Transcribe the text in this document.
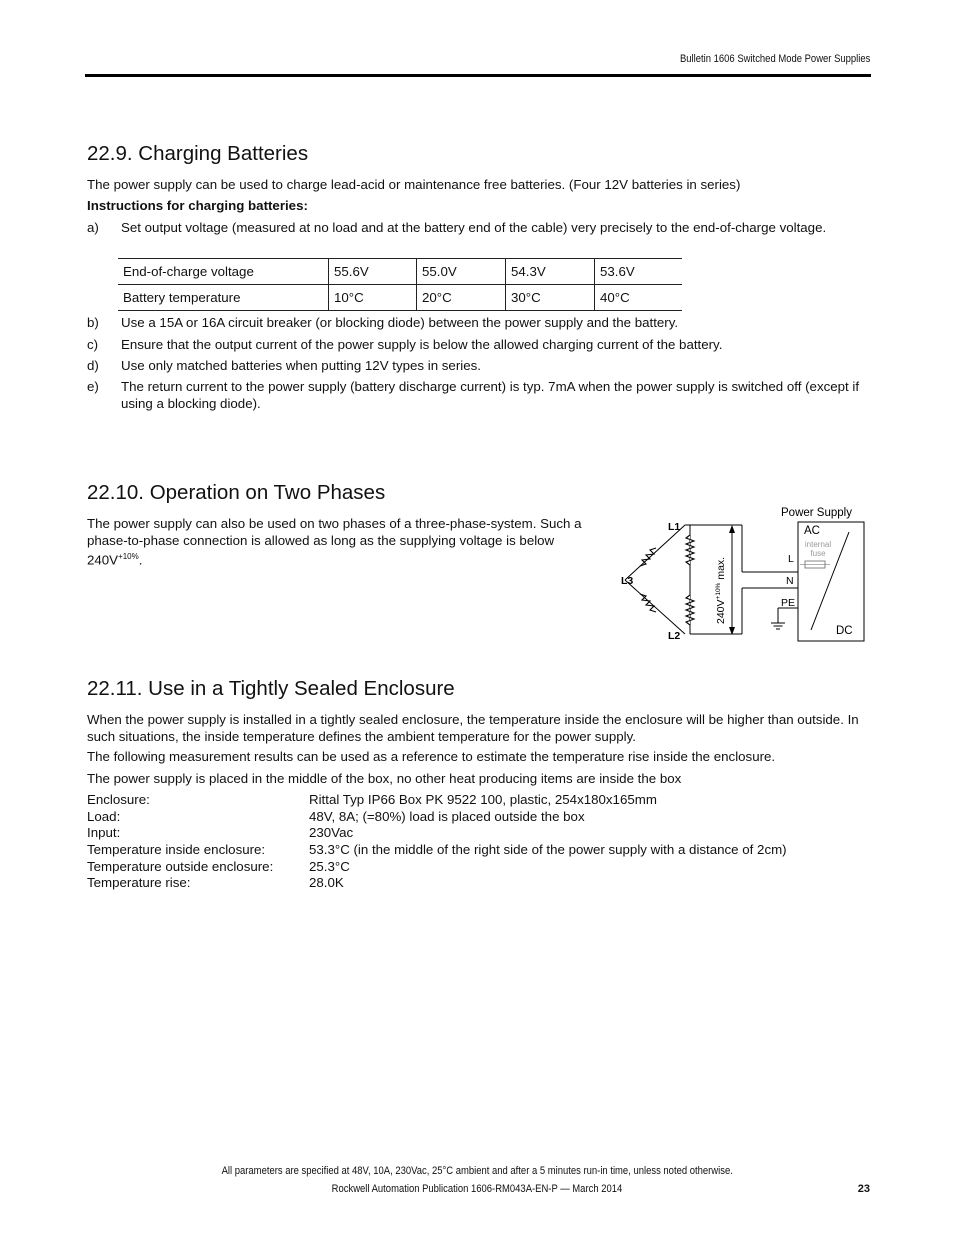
Bulletin 1606 Switched Mode Power Supplies
22.9. Charging Batteries

The power supply can be used to charge lead-acid or maintenance free batteries. (Four 12V batteries in series)

Instructions for charging batteries:

a) Set output voltage (measured at no load and at the battery end of the cable) very precisely to the end-of-charge voltage.
End-of-charge voltage	55.6V	55.0V	54.3V	53.6V
Battery temperature	10°C	20°C	30°C	40°C
b) Use a 15A or 16A circuit breaker (or blocking diode) between the power supply and the battery.
c) Ensure that the output current of the power supply is below the allowed charging current of the battery.
d) Use only matched batteries when putting 12V types in series.
e) The return current to the power supply (battery discharge current) is typ. 7mA when the power supply is switched off (except if using a blocking diode).
22.10. Operation on Two Phases

The power supply can also be used on two phases of a three-phase-system. Such a phase-to-phase connection is allowed as long as the supplying voltage is below $240V^{+10\%}$.

$240V^{+10\%}\max$.
Power Supply
AC
DC
internal
fuse
L
N
PE
L1
L3
L2
22.11. Use in a Tightly Sealed Enclosure

When the power supply is installed in a tightly sealed enclosure, the temperature inside the enclosure will be higher than outside. In such situations, the inside temperature defines the ambient temperature for the power supply.

The following measurement results can be used as a reference to estimate the temperature rise inside the enclosure.

The power supply is placed in the middle of the box, no other heat producing items are inside the box

Enclosure:	Rittal Typ IP66 Box PK 9522 100, plastic, 254x180x165mm
Load:	48V, 8A; (=80%) load is placed outside the box
Input:	230Vac
Temperature inside enclosure:	53.3°C (in the middle of the right side of the power supply with a distance of 2cm)
Temperature outside enclosure:	25.3°C
Temperature rise:	28.0K
All parameters are specified at 48V, 10A, 230Vac, 25°C ambient and after a 5 minutes run-in time, unless noted otherwise.
Rockwell Automation Publication 1606-RM043A-EN-P — March 2014	23
